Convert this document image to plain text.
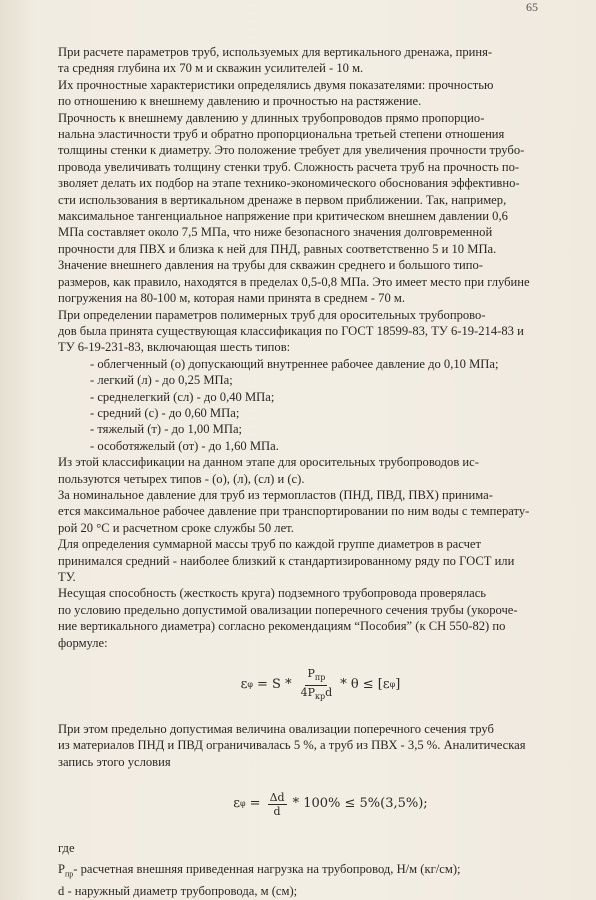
65

При расчете параметров труб, используемых для вертикального дренажа, приня-

та средняя глубина их 70 м и скважин усилителей - 10 м.

Их прочностные характеристики определялись двумя показателями: прочностью

по отношению к внешнему давлению и прочностью на растяжение.

Прочность к внешнему давлению у длинных трубопроводов прямо пропорцио-

нальна эластичности труб и обратно пропорциональна третьей степени отношения

толщины стенки к диаметру. Это положение требует для увеличения прочности трубо-

провода увеличивать толщину стенки труб. Сложность расчета труб на прочность по-

зволяет делать их подбор на этапе технико-экономического обоснования эффективно-

сти использования в вертикальном дренаже в первом приближении. Так, например,

максимальное тангенциальное напряжение при критическом внешнем давлении 0,6

МПа составляет около 7,5 МПа, что ниже безопасного значения долговременной

прочности для ПВХ и близка к ней для ПНД, равных соответственно 5 и 10 МПа.

Значение внешнего давления на трубы для скважин среднего и большого типо-

размеров, как правило, находятся в пределах 0,5-0,8 МПа. Это имеет место при глубине

погружения на 80-100 м, которая нами принята в среднем - 70 м.

При определении параметров полимерных труб для оросительных трубопрово-

дов была принята существующая классификация по ГОСТ 18599-83, ТУ 6-19-214-83 и

ТУ 6-19-231-83, включающая шесть типов:

- облегченный (о) допускающий внутреннее рабочее давление до 0,10 МПа;

- легкий (л) - до 0,25 МПа;

- среднелегкий (сл) - до 0,40 МПа;

- средний (с) - до 0,60 МПа;

- тяжелый (т) - до 1,00 МПа;

- особотяжелый (от) - до 1,60 МПа.

Из этой классификации на данном этапе для оросительных трубопроводов ис-

пользуются четырех типов - (о), (л), (сл) и (с).

За номинальное давление для труб из термопластов (ПНД, ПВД, ПВХ) принима-

ется максимальное рабочее давление при транспортировании по ним воды с температу-

рой 20 °С и расчетном сроке службы 50 лет.

Для определения суммарной массы труб по каждой группе диаметров в расчет

принимался средний - наиболее близкий к стандартизированному ряду по ГОСТ или

ТУ.

Несущая способность (жесткость круга) подземного трубопровода проверялась

по условию предельно допустимой овализации поперечного сечения трубы (укороче-

ние вертикального диаметра) согласно рекомендациям “Пособия” (к СН 550-82) по

формуле:

ε $\varphi = S * \frac{P_{пр}}{4P_{кр}d} * \theta \le [\varepsilon$ φ ]

При этом предельно допустимая величина овализации поперечного сечения труб

из материалов ПНД и ПВД ограничивалась 5 %, а труб из ПВХ - 3,5 %. Аналитическая

запись этого условия

ε $\varphi = \frac{\Delta d}{d} * 100\% \le 5\%(3,5\%)$;

где

$P_{пр}-$ расчетная внешняя приведенная нагрузка на трубопровод, Н/м (кг/см);

d - наружный диаметр трубопровода, м (см);
